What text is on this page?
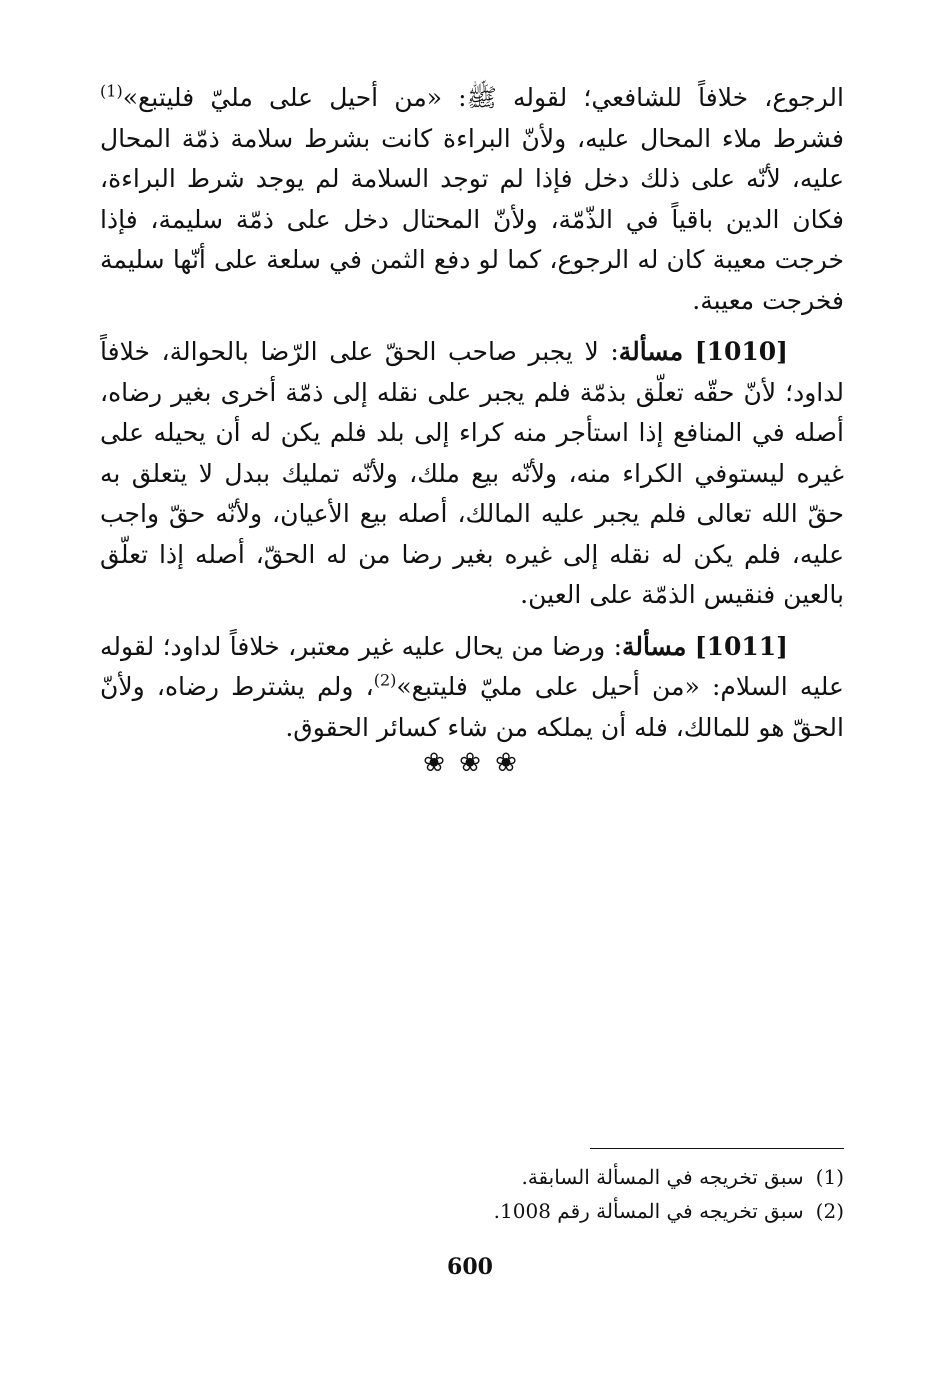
الرجوع، خلافاً للشافعي؛ لقوله ﷺ: «من أحيل على مليّ فليتبع»$^{(1)}$ فشرط ملاء المحال عليه، ولأنّ البراءة كانت بشرط سلامة ذمّة المحال عليه، لأنّه على ذلك دخل فإذا لم توجد السلامة لم يوجد شرط البراءة، فكان الدين باقياً في الذّمّة، ولأنّ المحتال دخل على ذمّة سليمة، فإذا خرجت معيبة كان له الرجوع، كما لو دفع الثمن في سلعة على أنّها سليمة فخرجت معيبة.

[1010] مسألة: لا يجبر صاحب الحقّ على الرّضا بالحوالة، خلافاً لداود؛ لأنّ حقّه تعلّق بذمّة فلم يجبر على نقله إلى ذمّة أخرى بغير رضاه، أصله في المنافع إذا استأجر منه كراء إلى بلد فلم يكن له أن يحيله على غيره ليستوفي الكراء منه، ولأنّه بيع ملك، ولأنّه تمليك ببدل لا يتعلق به حقّ الله تعالى فلم يجبر عليه المالك، أصله بيع الأعيان، ولأنّه حقّ واجب عليه، فلم يكن له نقله إلى غيره بغير رضا من له الحقّ، أصله إذا تعلّق بالعين فنقيس الذمّة على العين.

[1011] مسألة: ورضا من يحال عليه غير معتبر، خلافاً لداود؛ لقوله عليه السلام: «من أحيل على مليّ فليتبع»$^{(2)}$، ولم يشترط رضاه، ولأنّ الحقّ هو للمالك، فله أن يملكه من شاء كسائر الحقوق.

❀ ❀ ❀
(1)سبق تخريجه في المسألة السابقة.
(2)سبق تخريجه في المسألة رقم 1008.
600
